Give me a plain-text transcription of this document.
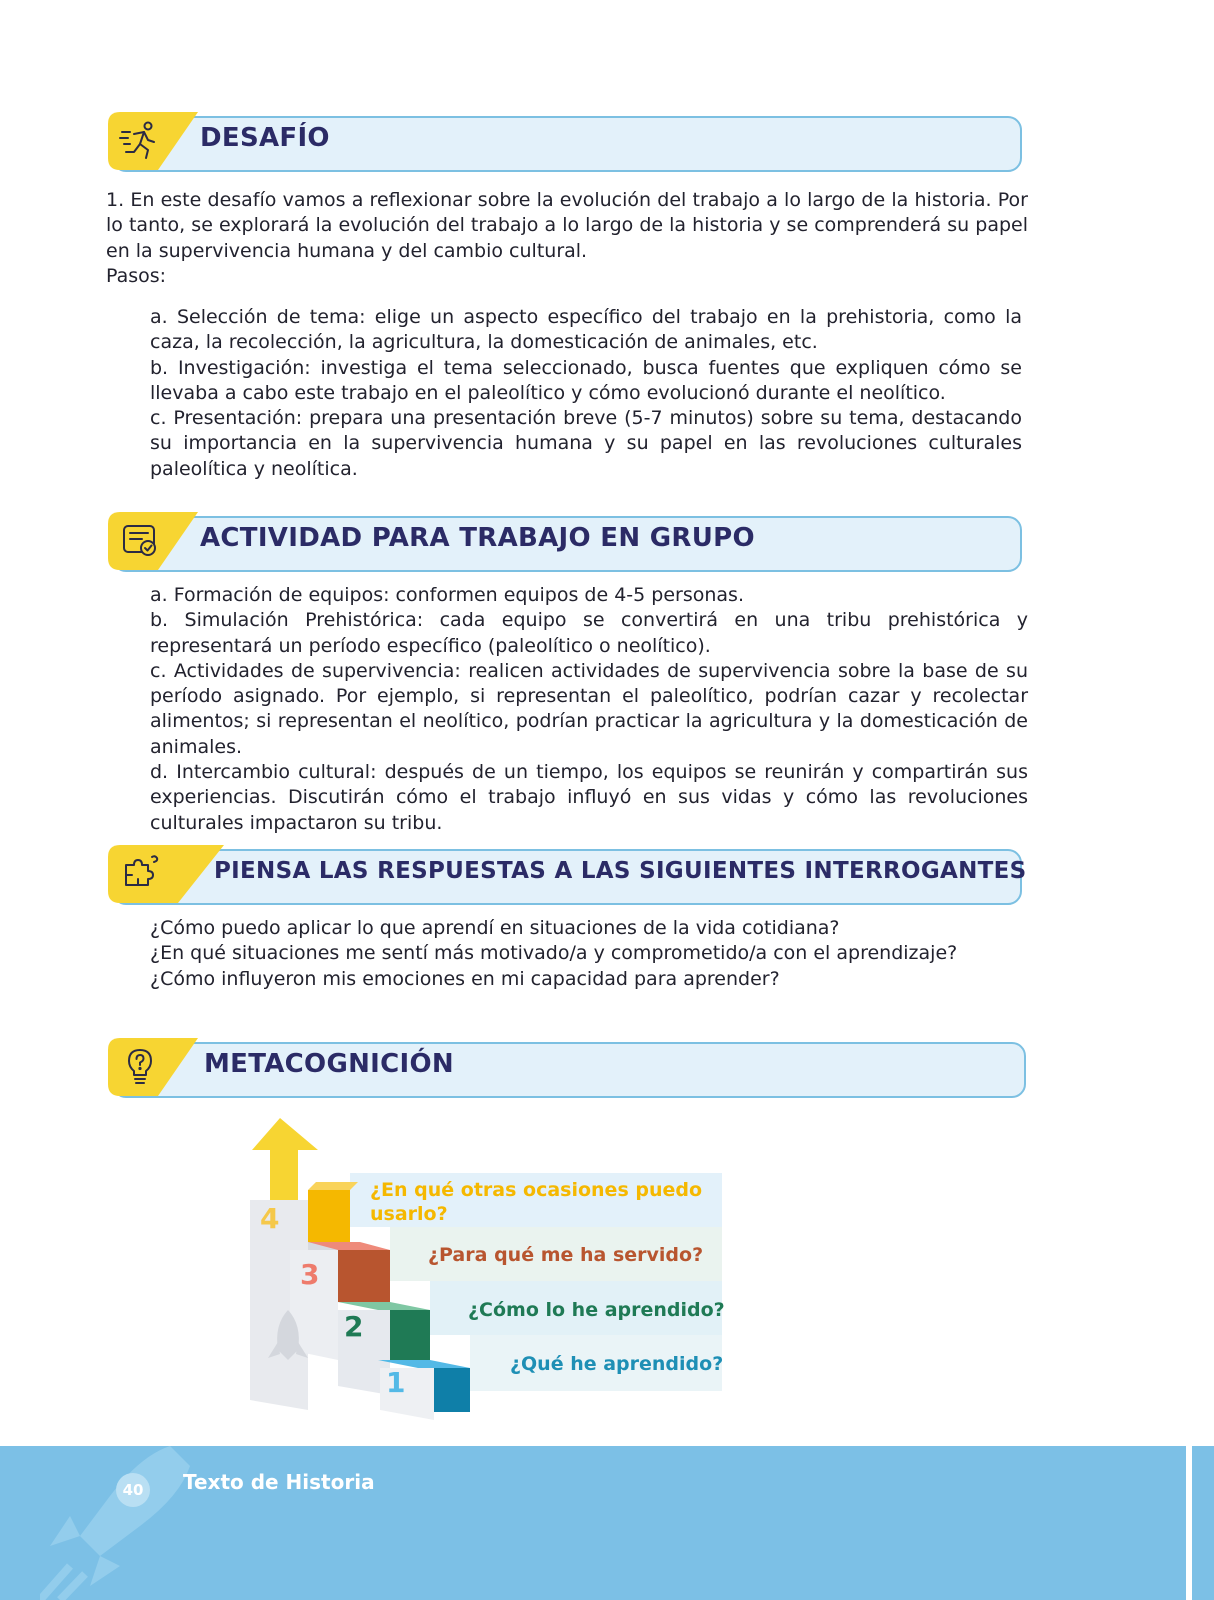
DESAFÍO

1. En este desafío vamos a reflexionar sobre la evolución del trabajo a lo largo de la historia. Por lo tanto, se explorará la evolución del trabajo a lo largo de la historia y se comprenderá su papel en la supervivencia humana y del cambio cultural.

Pasos:

a. Selección de tema: elige un aspecto específico del trabajo en la prehistoria, como la caza, la recolección, la agricultura, la domesticación de animales, etc.

b. Investigación: investiga el tema seleccionado, busca fuentes que expliquen cómo se llevaba a cabo este trabajo en el paleolítico y cómo evolucionó durante el neolítico.

c. Presentación: prepara una presentación breve (5-7 minutos) sobre su tema, destacando su importancia en la supervivencia humana y su papel en las revoluciones culturales paleolítica y neolítica.

ACTIVIDAD PARA TRABAJO EN GRUPO

a. Formación de equipos: conformen equipos de 4-5 personas.

b. Simulación Prehistórica: cada equipo se convertirá en una tribu prehistórica y representará un período específico (paleolítico o neolítico).

c. Actividades de supervivencia: realicen actividades de supervivencia sobre la base de su período asignado. Por ejemplo, si representan el paleolítico, podrían cazar y recolectar alimentos; si representan el neolítico, podrían practicar la agricultura y la domesticación de animales.

d. Intercambio cultural: después de un tiempo, los equipos se reunirán y compartirán sus experiencias. Discutirán cómo el trabajo influyó en sus vidas y cómo las revoluciones culturales impactaron su tribu.

PIENSA LAS RESPUESTAS A LAS SIGUIENTES INTERROGANTES

¿Cómo puedo aplicar lo que aprendí en situaciones de la vida cotidiana?

¿En qué situaciones me sentí más motivado/a y comprometido/a con el aprendizaje?

¿Cómo influyeron mis emociones en mi capacidad para aprender?

METACOGNICIÓN
4
3
2
1
¿En qué otras ocasiones puedo
usarlo?
¿Para qué me ha servido?
¿Cómo lo he aprendido?
¿Qué he aprendido?
40	Texto de Historia
